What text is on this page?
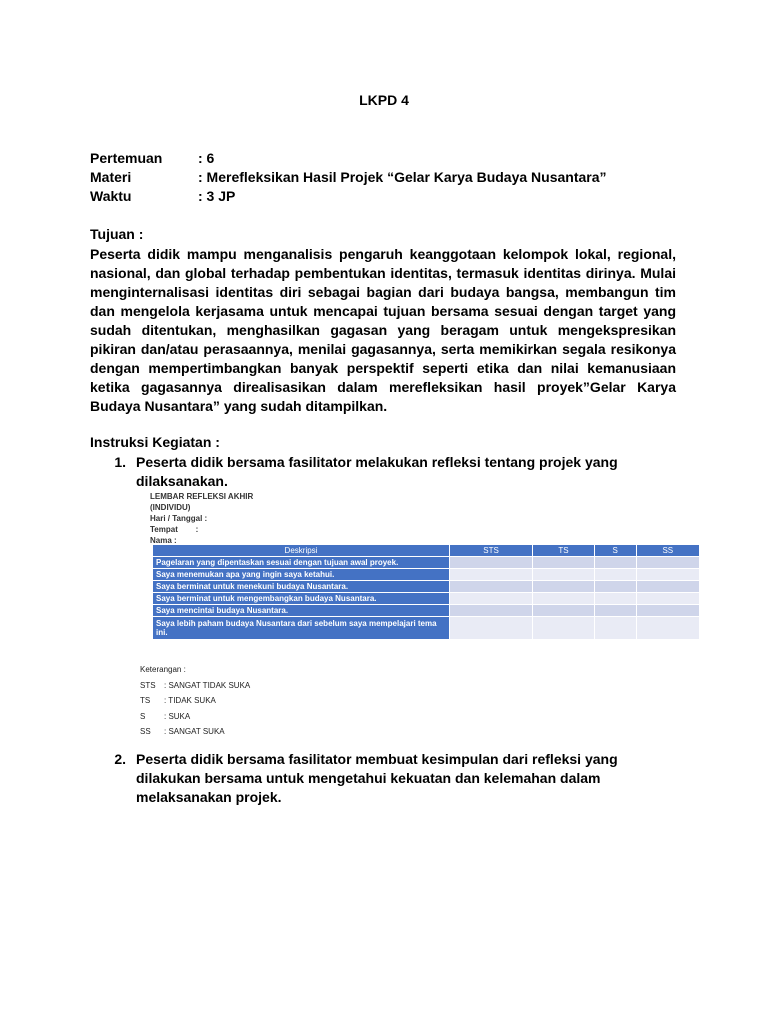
LKPD 4
Pertemuan	: 6
Materi	: Merefleksikan Hasil Projek “Gelar Karya Budaya Nusantara”
Waktu	: 3 JP
Tujuan :

Peserta didik mampu menganalisis pengaruh keanggotaan kelompok lokal, regional, nasional, dan global terhadap pembentukan identitas, termasuk identitas dirinya. Mulai menginternalisasi identitas diri sebagai bagian dari budaya bangsa, membangun tim dan mengelola kerjasama untuk mencapai tujuan bersama sesuai dengan target yang sudah ditentukan, menghasilkan gagasan yang beragam untuk mengekspresikan pikiran dan/atau perasaannya, menilai gagasannya, serta memikirkan segala resikonya dengan mempertimbangkan banyak perspektif seperti etika dan nilai kemanusiaan ketika gagasannya direalisasikan dalam merefleksikan hasil proyek”Gelar Karya Budaya Nusantara” yang sudah ditampilkan.

Instruksi Kegiatan :
1. Peserta didik bersama fasilitator melakukan refleksi tentang projek yang dilaksanakan.
LEMBAR REFLEKSI AKHIR
(INDIVIDU)
Hari / Tanggal :
Tempat        :
Nama :
Deskripsi	STS	TS	S	SS
Pagelaran yang dipentaskan sesuai dengan tujuan awal proyek.				
Saya menemukan apa yang ingin saya ketahui.				
Saya berminat untuk menekuni budaya Nusantara.				
Saya berminat untuk mengembangkan budaya Nusantara.				
Saya mencintai budaya Nusantara.				
Saya lebih paham budaya Nusantara dari sebelum saya mempelajari tema ini.				
Keterangan :
STS	: SANGAT TIDAK SUKA
TS	: TIDAK SUKA
S	: SUKA
SS	: SANGAT SUKA
2. Peserta didik bersama fasilitator membuat kesimpulan dari refleksi yang dilakukan bersama untuk mengetahui kekuatan dan kelemahan dalam melaksanakan projek.
